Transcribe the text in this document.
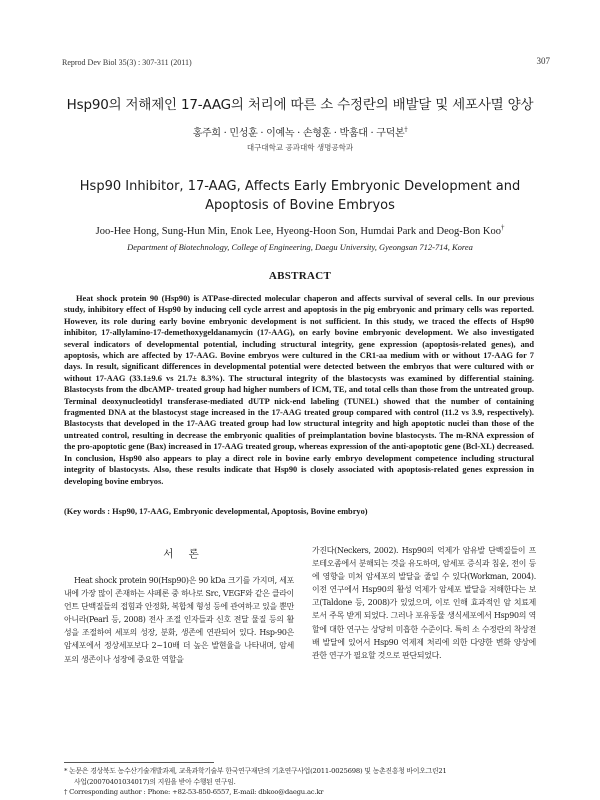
Reprod Dev Biol 35(3) : 307-311 (2011)	307
Hsp90의 저해제인 17-AAG의 처리에 따른 소 수정란의 배발달 및 세포사멸 양상
홍주희 · 민성훈 · 이예녹 · 손형훈 · 박훔대 · 구덕본†
대구대학교 공과대학 생명공학과
Hsp90 Inhibitor, 17-AAG, Affects Early Embryonic Development and
Apoptosis of Bovine Embryos
Joo-Hee Hong, Sung-Hun Min, Enok Lee, Hyeong-Hoon Son, Humdai Park and Deog-Bon Koo†
Department of Biotechnology, College of Engineering, Daegu University, Gyeongsan 712-714, Korea
ABSTRACT

Heat shock protein 90 (Hsp90) is ATPase-directed molecular chaperon and affects survival of several cells. In our previous study, inhibitory effect of Hsp90 by inducing cell cycle arrest and apoptosis in the pig embryonic and primary cells was reported. However, its role during early bovine embryonic development is not sufficient. In this study, we traced the effects of Hsp90 inhibitor, 17-allylamino-17-demethoxygeldanamycin (17-AAG), on early bovine embryonic development. We also investigated several indicators of developmental potential, including structural integrity, gene expression (apoptosis-related genes), and apoptosis, which are affected by 17-AAG. Bovine embryos were cultured in the CR1-aa medium with or without 17-AAG for 7 days. In result, significant differences in developmental potential were detected between the embryos that were cultured with or without 17-AAG (33.1±9.6 vs 21.7± 8.3%). The structural integrity of the blastocysts was examined by differential staining. Blastocysts from the dbcAMP- treated group had higher numbers of ICM, TE, and total cells than those from the untreated group. Terminal deoxynucleotidyl transferase-mediated dUTP nick-end labeling (TUNEL) showed that the number of containing fragmented DNA at the blastocyst stage increased in the 17-AAG treated group compared with control (11.2 vs 3.9, respectively). Blastocysts that developed in the 17-AAG treated group had low structural integrity and high apoptotic nuclei than those of the untreated control, resulting in decrease the embryonic qualities of preimplantation bovine blastocysts. The m-RNA expression of the pro-apoptotic gene (Bax) increased in 17-AAG treated group, whereas expression of the anti-apoptotic gene (Bcl-XL) decreased. In conclusion, Hsp90 also appears to play a direct role in bovine early embryo development competence including structural integrity of blastocysts. Also, these results indicate that Hsp90 is closely associated with apoptosis-related genes expression in developing bovine embryos.

(Key words : Hsp90, 17-AAG, Embryonic developmental, Apoptosis, Bovine embryo)
서 론

Heat shock protein 90(Hsp90)은 90 kDa 크기를 가지며, 세포 내에 가장 많이 존재하는 샤페론 중 하나로 Src, VEGF와 같은 클라이언트 단백질들의 접힘과 안정화, 복합체 형성 등에 관여하고 있을 뿐만 아니라(Pearl 등, 2008) 전사 조절 인자들과 신호 전달 물질 등의 활성을 조절하여 세포의 성장, 분화, 생존에 연관되어 있다. Hsp-90은 암세포에서 정상세포보다 2~10배 더 높은 발현율을 나타내며, 암세포의 생존이나 성장에 중요한 역할을

가진다(Neckers, 2002). Hsp90의 억제가 암유발 단백질들이 프로테오좀에서 분해되는 것을 유도하며, 암세포 증식과 침윤, 전이 등에 영향을 미쳐 암세포의 발달을 줄일 수 있다(Workman, 2004). 이전 연구에서 Hsp90의 활성 억제가 암세포 발달을 저해한다는 보고(Taldone 등, 2008)가 있었으며, 이로 인해 효과적인 암 치료제로서 주목 받게 되었다. 그러나 포유동물 생식세포에서 Hsp90의 역할에 대한 연구는 상당히 미흡한 수준이다. 특히 소 수정란의 착상전 배 발달에 있어서 Hsp90 억제제 처리에 의한 다양한 변화 양상에 관한 연구가 필요할 것으로 판단되었다.

* 논문은 경상북도 농수산기술개발과제, 교육과학기술부 한국연구재단의 기초연구사업(2011-0025698) 및 농촌진흥청 바이오그린21

사업(20070401034017)의 지원을 받아 수행된 연구임.

† Corresponding author : Phone: +82-53-850-6557, E-mail: dbkoo@daegu.ac.kr
